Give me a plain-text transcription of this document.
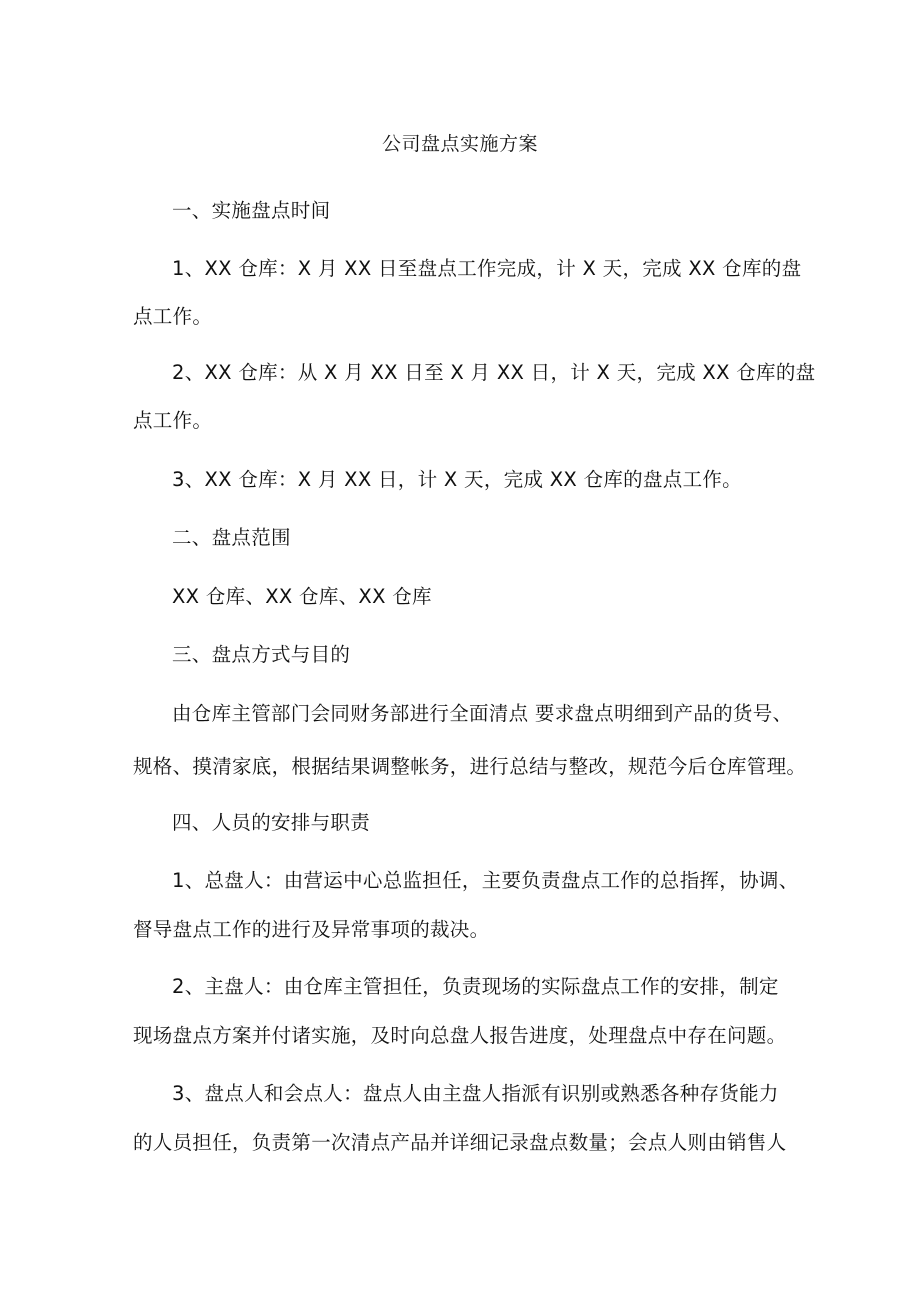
公司盘点实施方案
一、实施盘点时间
1、XX 仓库：X 月 XX 日至盘点工作完成，计 X 天，完成 XX 仓库的盘
点工作。
2、XX 仓库：从 X 月 XX 日至 X 月 XX 日，计 X 天，完成 XX 仓库的盘
点工作。
3、XX 仓库：X 月 XX 日，计 X 天，完成 XX 仓库的盘点工作。
二、盘点范围
XX 仓库、XX 仓库、XX 仓库
三、盘点方式与目的
由仓库主管部门会同财务部进行全面清点 要求盘点明细到产品的货号、
规格、摸清家底，根据结果调整帐务，进行总结与整改，规范今后仓库管理。
四、人员的安排与职责
1、总盘人：由营运中心总监担任，主要负责盘点工作的总指挥，协调、
督导盘点工作的进行及异常事项的裁决。
2、主盘人：由仓库主管担任，负责现场的实际盘点工作的安排，制定
现场盘点方案并付诸实施，及时向总盘人报告进度，处理盘点中存在问题。
3、盘点人和会点人：盘点人由主盘人指派有识别或熟悉各种存货能力
的人员担任，负责第一次清点产品并详细记录盘点数量；会点人则由销售人
